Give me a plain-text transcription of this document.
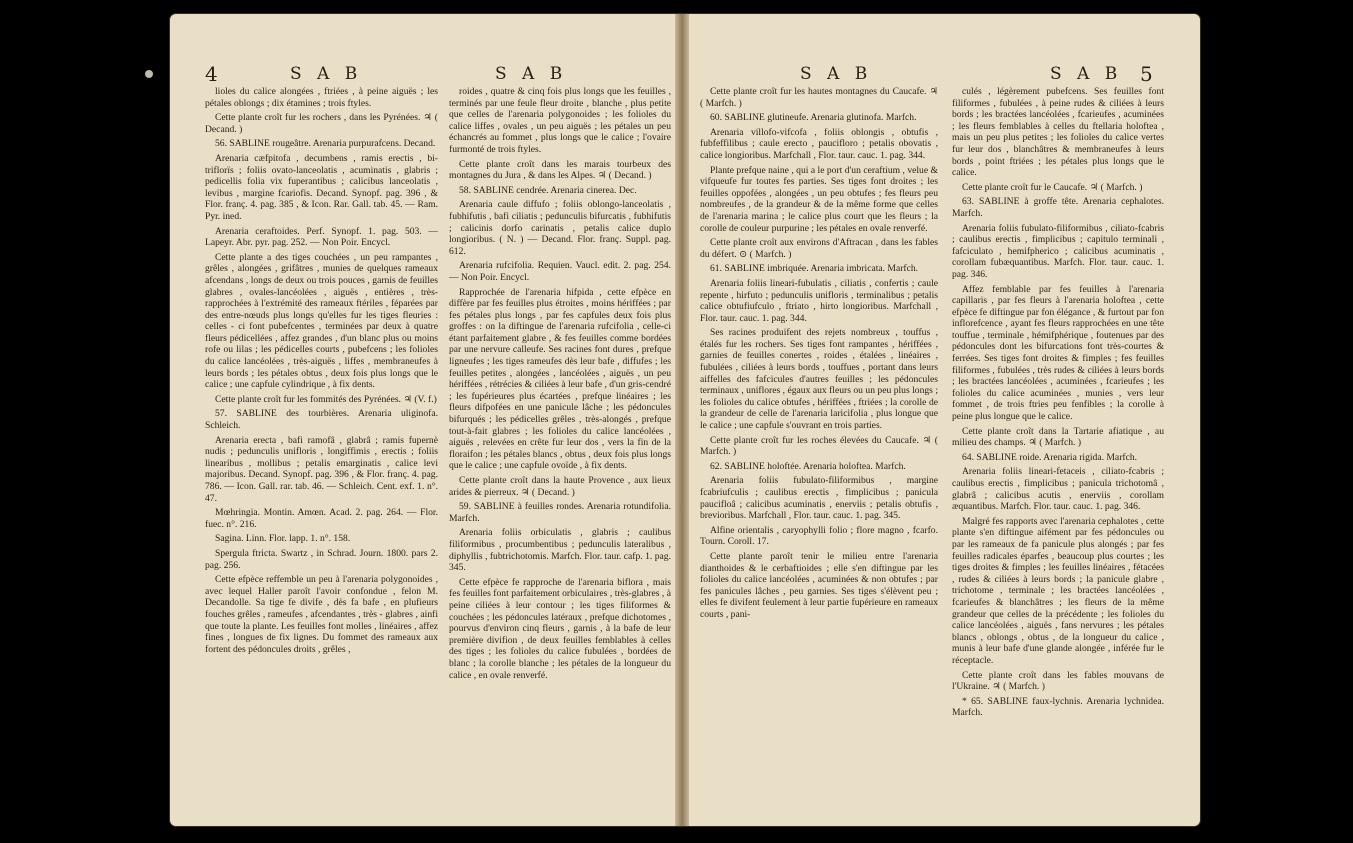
4	S A B	S A B

lioles du calice alongées , ftriées , à peine aiguës ; les pétales oblongs ; dix étamines ; trois ftyles.

Cette plante croît fur les rochers , dans les Pyrénées. ♃ ( Decand. )

56. SABLINE rougeâtre. Arenaria purpurafcens. Decand.

Arenaria cæfpitofa , decumbens , ramis erectis , bi-triflorïs ; foliis ovato-lanceolatis , acuminatis , glabris ; pedicellis folia vix fuperantibus ; calicibus lanceolatis , levibus , margine fcariofis. Decand. Synopf. pag. 396 , & Flor. franç. 4. pag. 385 , & Icon. Rar. Gall. tab. 45. — Ram. Pyr. ined.

Arenaria ceraftoides. Perf. Synopf. 1. pag. 503. — Lapeyr. Abr. pyr. pag. 252. — Non Poir. Encycl.

Cette plante a des tiges couchées , un peu rampantes , grêles , alongées , grifâtres , munies de quelques rameaux afcendans , longs de deux ou trois pouces , garnis de feuilles glabres , ovales-lancéolées , aiguës , entières , très-rapprochées à l'extrémité des rameaux ftériles , féparées par des entre-nœuds plus longs qu'elles fur les tiges fleuries : celles - ci font pubefcentes , terminées par deux à quatre fleurs pédicellées , affez grandes , d'un blanc plus ou moins rofe ou lilas ; les pédicelles courts , pubefcens ; les folioles du calice lancéolées , très-aiguës , liffes , membraneufes à leurs bords ; les pétales obtus , deux fois plus longs que le calice ; une capfule cylindrique , à fix dents.

Cette plante croît fur les fommités des Pyrénées. ♃ (V. f.)

57. SABLINE des tourbières. Arenaria uliginofa. Schleich.

Arenaria erecta , bafi ramofâ , glabrâ ; ramis fupernè nudis ; pedunculis unifloris , longiffimis , erectis ; foliis linearibus , mollibus ; petalis emarginatis , calice levi majoribus. Decand. Synopf. pag. 396 , & Flor. franç. 4. pag. 786. — Icon. Gall. rar. tab. 46. — Schleich. Cent. exf. 1. n°. 47.

Mœhringia. Montin. Amœn. Acad. 2. pag. 264. — Flor. fuec. n°. 216.

Sagina. Linn. Flor. lapp. 1. n°. 158.

Spergula ftricta. Swartz , in Schrad. Journ. 1800. pars 2. pag. 256.

Cette efpèce reffemble un peu à l'arenaria polygonoides , avec lequel Haller paroît l'avoir confondue , felon M. Decandolle. Sa tige fe divife , dès fa bafe , en plufieurs fouches grêles , rameufes , afcendantes , très - glabres , ainfi que toute la plante. Les feuilles font molles , linéaires , affez fines , longues de fix lignes. Du fommet des rameaux aux fortent des pédoncules droits , grêles ,

roides , quatre & cinq fois plus longs que les feuilles , terminés par une feule fleur droite , blanche , plus petite que celles de l'arenaria polygonoides ; les folioles du calice liffes , ovales , un peu aiguës ; les pétales un peu échancrés au fommet , plus longs que le calice ; l'ovaire furmonté de trois ftyles.

Cette plante croît dans les marais tourbeux des montagnes du Jura , & dans les Alpes. ♃ ( Decand. )

58. SABLINE cendrée. Arenaria cinerea. Dec.

Arenaria caule diffufo ; foliis oblongo-lanceolatis , fubhifutis , bafi ciliatis ; pedunculis bifurcatis , fubhifutis ; calicinis dorfo carinatis , petalis calice duplo longioribus. ( N. ) — Decand. Flor. franç. Suppl. pag. 612.

Arenaria rufcifolia. Requien. Vaucl. edit. 2. pag. 254. — Non Poir. Encycl.

Rapprochée de l'arenaria hifpida , cette efpèce en diffère par fes feuilles plus étroites , moins hériffées ; par fes pétales plus longs , par fes capfules deux fois plus groffes : on la diftingue de l'arenaria rufcifolia , celle-ci étant parfaitement glabre , & fes feuilles comme bordées par une nervure calleufe. Ses racines font dures , prefque ligneufes ; les tiges rameufes dès leur bafe , diffufes ; les feuilles petites , alongées , lancéolées , aiguës , un peu hériffées , rétrécies & ciliées à leur bafe , d'un gris-cendré ; les fupérieures plus écartées , prefque linéaires ; les fleurs difpofées en une panicule lâche ; les pédoncules bifurqués ; les pédicelles grêles , très-alongés , prefque tout-à-fait glabres ; les folioles du calice lancéolées , aiguës , relevées en crête fur leur dos , vers la fin de la floraifon ; les pétales blancs , obtus , deux fois plus longs que le calice ; une capfule ovoïde , à fix dents.

Cette plante croît dans la haute Provence , aux lieux arides & pierreux. ♃ ( Decand. )

59. SABLINE à feuilles rondes. Arenaria rotundifolia. Marfch.

Arenaria foliis orbiculatis , glabris ; caulibus filiformibus , procumbentibus ; pedunculis lateralibus , diphyllis , fubtrichotomis. Marfch. Flor. taur. cafp. 1. pag. 345.

Cette efpèce fe rapproche de l'arenaria biflora , mais fes feuilles font parfaitement orbiculaires , très-glabres , à peine ciliées à leur contour ; les tiges filiformes & couchées ; les pédoncules latéraux , prefque dichotomes , pourvus d'environ cinq fleurs , garnis , à la bafe de leur première divifion , de deux feuilles femblables à celles des tiges ; les folioles du calice fubulées , bordées de blanc ; la corolle blanche ; les pétales de la longueur du calice , en ovale renverfé.

S A B	S A B 5

Cette plante croît fur les hautes montagnes du Caucafe. ♃ ( Marfch. )

60. SABLINE glutineufe. Arenaria glutinofa. Marfch.

Arenaria villofo-vifcofa , foliis oblongis , obtufis , fubfeffilibus ; caule erecto , paucifloro ; petalis obovatis , calice longioribus. Marfchall , Flor. taur. cauc. 1. pag. 344.

Plante prefque naine , qui a le port d'un ceraftium , velue & vifqueufe fur toutes fes parties. Ses tiges font droites ; les feuilles oppofées , alongées , un peu obtufes ; fes fleurs peu nombreufes , de la grandeur & de la même forme que celles de l'arenaria marina ; le calice plus court que les fleurs ; la corolle de couleur purpurine ; les pétales en ovale renverfé.

Cette plante croît aux environs d'Aftracan , dans les fables du défert. ⊙ ( Marfch. )

61. SABLINE imbriquée. Arenaria imbricata. Marfch.

Arenaria foliis lineari-fubulatis , ciliatis , confertis ; caule repente , hirfuto ; pedunculis unifloris , terminalibus ; petalis calice obtufiufculo , ftriato , hirto longioribus. Marfchall , Flor. taur. cauc. 1. pag. 344.

Ses racines produifent des rejets nombreux , touffus , étalés fur les rochers. Ses tiges font rampantes , hériffées , garnies de feuilles conertes , roides , étalées , linéaires , fubulées , ciliées à leurs bords , touffues , portant dans leurs aiffelles des fafcicules d'autres feuilles ; les pédoncules terminaux , uniflores , égaux aux fleurs ou un peu plus longs ; les folioles du calice obtufes , hériffées , ftriées ; la corolle de la grandeur de celle de l'arenaria laricifolia , plus longue que le calice ; une capfule s'ouvrant en trois parties.

Cette plante croît fur les roches élevées du Caucafe. ♃ ( Marfch. )

62. SABLINE holoftée. Arenaria holoftea. Marfch.

Arenaria foliis fubulato-filiformibus , margine fcabriufculis ; caulibus erectis , fimplicibus ; panicula paucifloâ ; calicibus acuminatis , enerviis ; petalis obtufis , brevioribus. Marfchall , Flor. taur. cauc. 1. pag. 345.

Alfine orientalis , caryophylli folio ; flore magno , fcarfo. Tourn. Coroll. 17.

Cette plante paroît tenir le milieu entre l'arenaria dianthoides & le cerbaftioides ; elle s'en diftingue par les folioles du calice lancéolées , acuminées & non obtufes ; par fes panicules lâches , peu garnies. Ses tiges s'élèvent peu ; elles fe divifent feulement à leur partie fupérieure en rameaux courts , pani-

culés , légèrement pubefcens. Ses feuilles font filiformes , fubulées , à peine rudes & ciliées à leurs bords ; les bractées lancéolées , fcarieufes , acuminées ; les fleurs femblables à celles du ftellaria holoftea , mais un peu plus petites ; les folioles du calice vertes fur leur dos , blanchâtres & membraneufes à leurs bords , point ftriées ; les pétales plus longs que le calice.

Cette plante croît fur le Caucafe. ♃ ( Marfch. )

63. SABLINE à groffe tête. Arenaria cephalotes. Marfch.

Arenaria foliis fubulato-filiformibus , ciliato-fcabris ; caulibus erectis , fimplicibus ; capitulo terminali , fafciculato , hemifpherico ; calicibus acuminatis , corollam fubæquantibus. Marfch. Flor. taur. cauc. 1. pag. 346.

Affez femblable par fes feuilles à l'arenaria capillaris , par fes fleurs à l'arenaria holoftea , cette efpèce fe diftingue par fon élégance , & furtout par fon inflorefcence , ayant fes fleurs rapprochées en une tête touffue , terminale , hémifphérique , foutenues par des pédoncules dont les bifurcations font très-courtes & ferrées. Ses tiges font droites & fimples ; fes feuilles filiformes , fubulées , très rudes & ciliées à leurs bords ; les bractées lancéolées , acuminées , fcarieufes ; les folioles du calice acuminées , munies , vers leur fommet , de trois ftries peu fenfibles ; la corolle à peine plus longue que le calice.

Cette plante croît dans la Tartarie afiatique , au milieu des champs. ♃ ( Marfch. )

64. SABLINE roide. Arenaria rigida. Marfch.

Arenaria foliis lineari-fetaceis , ciliato-fcabris ; caulibus erectis , fimplicibus ; panicula trichotomâ , glabrâ ; calicibus acutis , enerviis , corollam æquantibus. Marfch. Flor. taur. cauc. 1. pag. 346.

Malgré fes rapports avec l'arenaria cephalotes , cette plante s'en diftingue aifément par fes pédoncules ou par les rameaux de fa panicule plus alongés ; par fes feuilles radicales éparfes , beaucoup plus courtes ; les tiges droites & fimples ; les feuilles linéaires , fétacées , rudes & ciliées à leurs bords ; la panicule glabre , trichotome , terminale ; les bractées lancéolées , fcarieufes & blanchâtres ; les fleurs de la même grandeur que celles de la précédente ; les folioles du calice lancéolées , aiguës , fans nervures ; les pétales blancs , oblongs , obtus , de la longueur du calice , munis à leur bafe d'une glande alongée , inférée fur le réceptacle.

Cette plante croît dans les fables mouvans de l'Ukraine. ♃ ( Marfch. )

* 65. SABLINE faux-lychnis. Arenaria lychnidea. Marfch.
